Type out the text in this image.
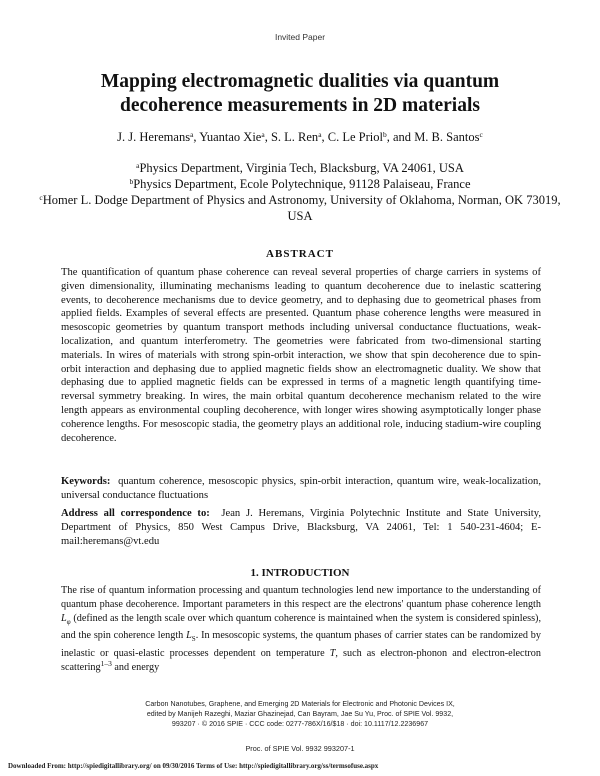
Invited Paper
Mapping electromagnetic dualities via quantum
decoherence measurements in 2D materials
J. J. Heremans$^a$, Yuantao Xie$^a$, S. L. Ren$^a$, C. Le Priol$^b$, and M. B. Santos$^c$
$^a$Physics Department, Virginia Tech, Blacksburg, VA 24061, USA
$^b$Physics Department, Ecole Polytechnique, 91128 Palaiseau, France
$^c$Homer L. Dodge Department of Physics and Astronomy, University of Oklahoma, Norman, OK 73019, USA
ABSTRACT

The quantification of quantum phase coherence can reveal several properties of charge carriers in systems of given dimensionality, illuminating mechanisms leading to quantum decoherence due to inelastic scattering events, to decoherence mechanisms due to device geometry, and to dephasing due to geometrical phases from applied fields. Examples of several effects are presented. Quantum phase coherence lengths were measured in mesoscopic geometries by quantum transport methods including universal conductance fluctuations, weak-localization, and quantum interferometry. The geometries were fabricated from two-dimensional starting materials. In wires of materials with strong spin-orbit interaction, we show that spin decoherence due to spin-orbit interaction and dephasing due to applied magnetic fields show an electromagnetic duality. We show that dephasing due to applied magnetic fields can be expressed in terms of a magnetic length quantifying time-reversal symmetry breaking. In wires, the main orbital quantum decoherence mechanism related to the wire length appears as environmental coupling decoherence, with longer wires showing asymptotically longer phase coherence lengths. For mesoscopic stadia, the geometry plays an additional role, inducing stadium-wire coupling decoherence.

Keywords: quantum coherence, mesoscopic physics, spin-orbit interaction, quantum wire, weak-localization, universal conductance fluctuations

Address all correspondence to: Jean J. Heremans, Virginia Polytechnic Institute and State University, Department of Physics, 850 West Campus Drive, Blacksburg, VA 24061, Tel: 1 540-231-4604; E-mail:heremans@vt.edu

1. INTRODUCTION

The rise of quantum information processing and quantum technologies lend new importance to the understanding of quantum phase decoherence. Important parameters in this respect are the electrons' quantum phase coherence length $L_\varphi$ (defined as the length scale over which quantum coherence is maintained when the system is considered spinless), and the spin coherence length $L_S$. In mesoscopic systems, the quantum phases of carrier states can be randomized by inelastic or quasi-elastic processes dependent on temperature T, such as electron-phonon and electron-electron scattering$^{1-3}$ and energy

Carbon Nanotubes, Graphene, and Emerging 2D Materials for Electronic and Photonic Devices IX,
edited by Manijeh Razeghi, Maziar Ghazinejad, Can Bayram, Jae Su Yu, Proc. of SPIE Vol. 9932,
993207 · © 2016 SPIE · CCC code: 0277-786X/16/$18 · doi: 10.1117/12.2236967
Proc. of SPIE Vol. 9932 993207-1
Downloaded From: http://spiedigitallibrary.org/ on 09/30/2016 Terms of Use: http://spiedigitallibrary.org/ss/termsofuse.aspx
